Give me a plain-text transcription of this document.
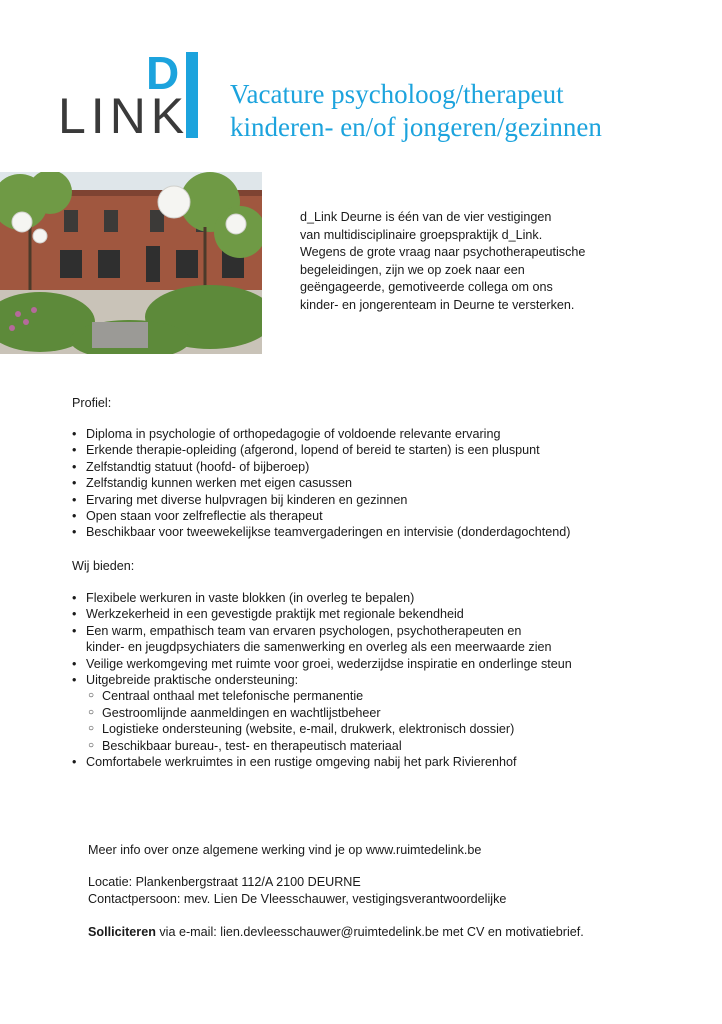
D
LINK Vacature psycholoog/therapeut
kinderen- en/of jongeren/gezinnen
d_Link Deurne is één van de vier vestigingen
van multidisciplinaire groepspraktijk d_Link.
Wegens de grote vraag naar psychotherapeutische
begeleidingen, zijn we op zoek naar een
geëngageerde, gemotiveerde collega om ons
kinder- en jongerenteam in Deurne te versterken.
Profiel:
• Diploma in psychologie of orthopedagogie of voldoende relevante ervaring
• Erkende therapie-opleiding (afgerond, lopend of bereid te starten) is een pluspunt
• Zelfstandtig statuut (hoofd- of bijberoep)
• Zelfstandig kunnen werken met eigen casussen
• Ervaring met diverse hulpvragen bij kinderen en gezinnen
• Open staan voor zelfreflectie als therapeut
• Beschikbaar voor tweewekelijkse teamvergaderingen en intervisie (donderdagochtend)
Wij bieden:
• Flexibele werkuren in vaste blokken (in overleg te bepalen)
• Werkzekerheid in een gevestigde praktijk met regionale bekendheid
• Een warm, empathisch team van ervaren psychologen, psychotherapeuten en
kinder- en jeugdpsychiaters die samenwerking en overleg als een meerwaarde zien
• Veilige werkomgeving met ruimte voor groei, wederzijdse inspiratie en onderlinge steun
• Uitgebreide praktische ondersteuning:
○ Centraal onthaal met telefonische permanentie
○ Gestroomlijnde aanmeldingen en wachtlijstbeheer
○ Logistieke ondersteuning (website, e-mail, drukwerk, elektronisch dossier)
○ Beschikbaar bureau-, test- en therapeutisch materiaal
• Comfortabele werkruimtes in een rustige omgeving nabij het park Rivierenhof
Meer info over onze algemene werking vind je op www.ruimtedelink.be
Locatie: Plankenbergstraat 112/A 2100 DEURNE
Contactpersoon: mev. Lien De Vleesschauwer, vestigingsverantwoordelijke
Solliciteren via e-mail: lien.devleesschauwer@ruimtedelink.be met CV en motivatiebrief.
